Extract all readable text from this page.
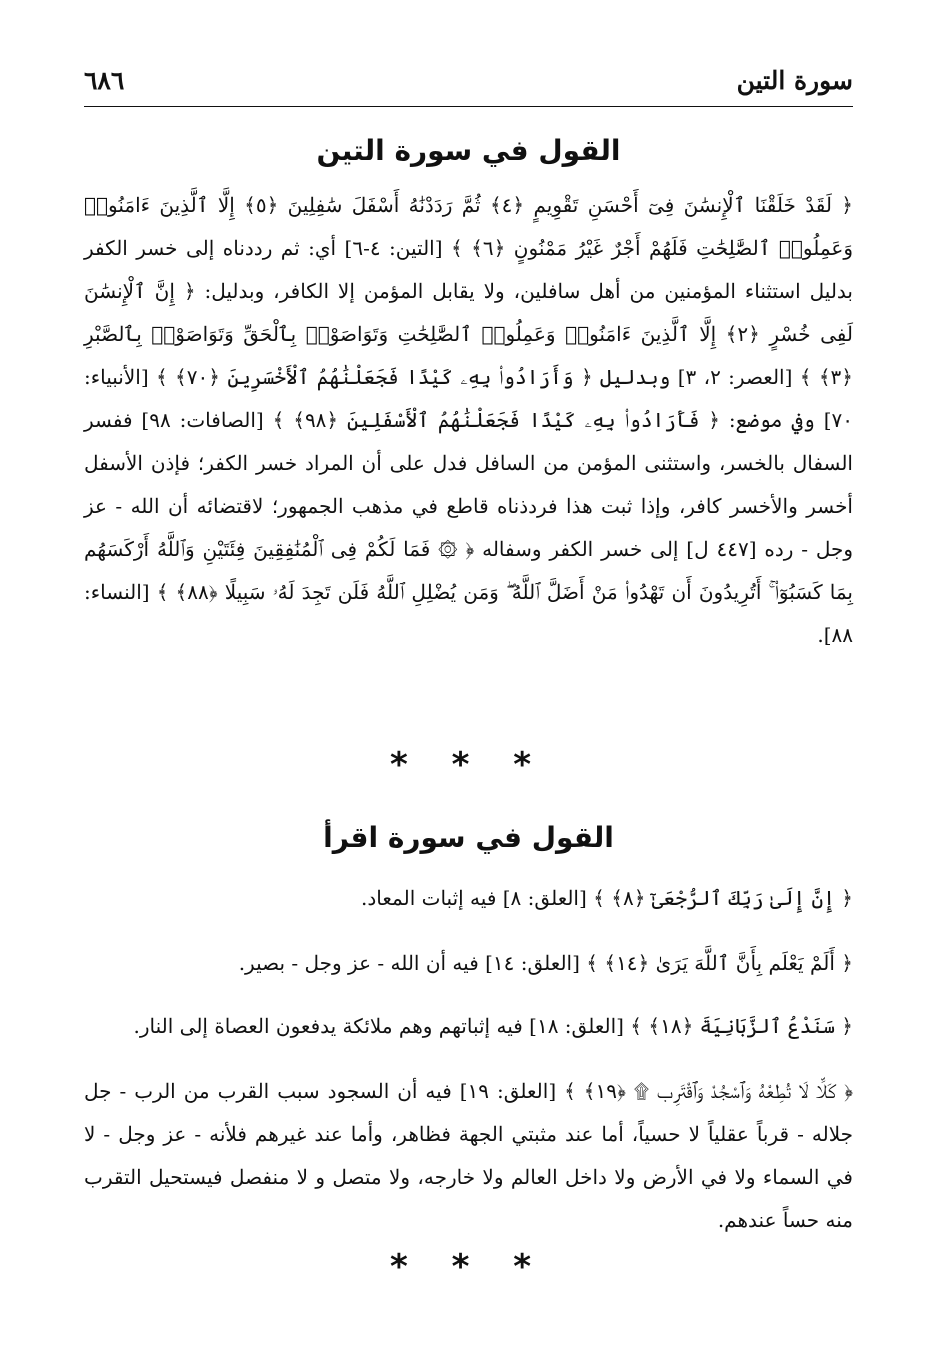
سورة التين
٦٨٦
القول في سورة التين

﴿ لَقَدْ خَلَقْنَا ٱلْإِنسَٰنَ فِىٓ أَحْسَنِ تَقْوِيمٍ ﴿٤﴾ ثُمَّ رَدَدْنَٰهُ أَسْفَلَ سَٰفِلِينَ ﴿٥﴾ إِلَّا ٱلَّذِينَ ءَامَنُوا۟ وَعَمِلُوا۟ ٱلصَّٰلِحَٰتِ فَلَهُمْ أَجْرٌ غَيْرُ مَمْنُونٍ ﴿٦﴾ ﴾ [التين: ٤-٦] أي: ثم رددناه إلى خسر الكفر بدليل استثناء المؤمنين من أهل سافلين، ولا يقابل المؤمن إلا الكافر، وبدليل: ﴿ إِنَّ ٱلْإِنسَٰنَ لَفِى خُسْرٍ ﴿٢﴾ إِلَّا ٱلَّذِينَ ءَامَنُوا۟ وَعَمِلُوا۟ ٱلصَّٰلِحَٰتِ وَتَوَاصَوْا۟ بِٱلْحَقِّ وَتَوَاصَوْا۟ بِٱلصَّبْرِ ﴿٣﴾ ﴾ [العصر: ٢، ٣] وبدليل ﴿ وَأَرَادُوا۟ بِهِۦ كَيْدًا فَجَعَلْنَٰهُمُ ٱلْأَخْسَرِينَ ﴿٧٠﴾ ﴾ [الأنبياء: ٧٠] وفي موضع: ﴿ فَأَرَادُوا۟ بِهِۦ كَيْدًا فَجَعَلْنَٰهُمُ ٱلْأَسْفَلِينَ ﴿٩٨﴾ ﴾ [الصافات: ٩٨] ففسر السفال بالخسر، واستثنى المؤمن من السافل فدل على أن المراد خسر الكفر؛ فإذن الأسفل أخسر والأخسر كافر، وإذا ثبت هذا فردذناه قاطع في مذهب الجمهور؛ لاقتضائه أن الله - عز وجل - رده [٤٤٧ ل] إلى خسر الكفر وسفاله ﴿ ۞ فَمَا لَكُمْ فِى ٱلْمُنَٰفِقِينَ فِئَتَيْنِ وَٱللَّهُ أَرْكَسَهُم بِمَا كَسَبُوٓا۟ ۚ أَتُرِيدُونَ أَن تَهْدُوا۟ مَنْ أَضَلَّ ٱللَّهُ ۖ وَمَن يُضْلِلِ ٱللَّهُ فَلَن تَجِدَ لَهُۥ سَبِيلًا ﴿٨٨﴾ ﴾ [النساء: ٨٨].

* * *
القول في سورة اقرأ

﴿ إِنَّ إِلَىٰ رَبِّكَ ٱلرُّجْعَىٰٓ ﴿٨﴾ ﴾ [العلق: ٨] فيه إثبات المعاد.

﴿ أَلَمْ يَعْلَم بِأَنَّ ٱللَّهَ يَرَىٰ ﴿١٤﴾ ﴾ [العلق: ١٤] فيه أن الله - عز وجل - بصير.

﴿ سَنَدْعُ ٱلزَّبَانِيَةَ ﴿١٨﴾ ﴾ [العلق: ١٨] فيه إثباتهم وهم ملائكة يدفعون العصاة إلى النار.

﴿ كَلَّا لَا تُطِعْهُ وَٱسْجُدْ وَٱقْتَرِب ۩ ﴿١٩﴾ ﴾ [العلق: ١٩] فيه أن السجود سبب القرب من الرب - جل جلاله - قرباً عقلياً لا حسياً، أما عند مثبتي الجهة فظاهر، وأما عند غيرهم فلأنه - عز وجل - لا في السماء ولا في الأرض ولا داخل العالم ولا خارجه، ولا متصل و لا منفصل فيستحيل التقرب منه حساً عندهم.

* * *
